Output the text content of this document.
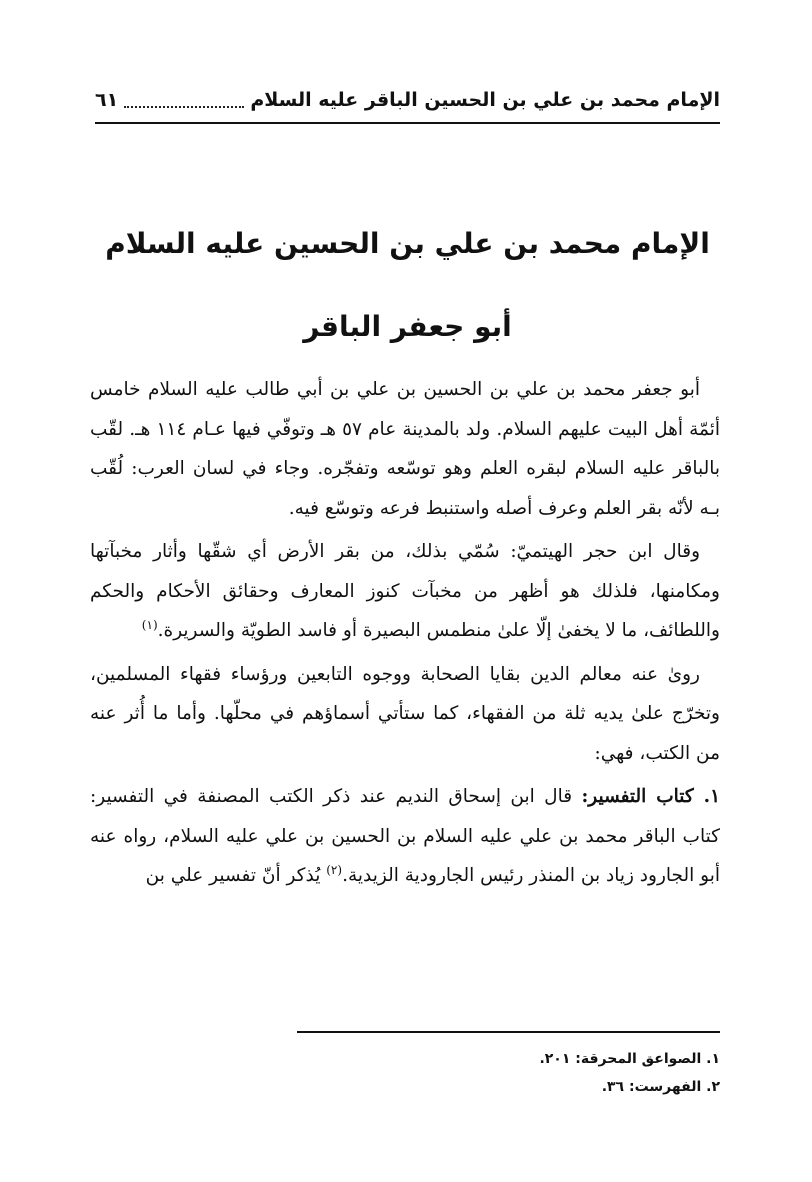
الإمام محمد بن علي بن الحسين الباقر عليه السلام
٦١
الإمام محمد بن علي بن الحسين عليه السلام
أبو جعفر الباقر

أبو جعفر محمد بن علي بن الحسين بن علي بن أبي طالب عليه السلام خامس أئمّة أهل البيت عليهم السلام. ولد بالمدينة عام ٥٧ هـ وتوفّي فيها عـام ١١٤ هـ. لقّب بالباقر عليه السلام لبقره العلم وهو توسّعه وتفجّره. وجاء في لسان العرب: لُقّب بـه لأنّه بقر العلم وعرف أصله واستنبط فرعه وتوسّع فيه.

وقال ابن حجر الهيتميّ: سُمّي بذلك، من بقر الأرض أي شقّها وأثار مخبآتها ومكامنها، فلذلك هو أظهر من مخبآت كنوز المعارف وحقائق الأحكام والحكم واللطائف، ما لا يخفىٰ إلّا علىٰ منطمس البصيرة أو فاسد الطويّة والسريرة.$^{(١)}$

رویٰ عنه معالم الدين بقايا الصحابة ووجوه التابعين ورؤساء فقهاء المسلمين، وتخرّج علىٰ يديه ثلة من الفقهاء، كما ستأتي أسماؤهم في محلّها. وأما ما أُثر عنه من الكتب، فهي:

١. كتاب التفسير: قال ابن إسحاق النديم عند ذكر الكتب المصنفة في التفسير: كتاب الباقر محمد بن علي عليه السلام بن الحسين بن علي عليه السلام، رواه عنه أبو الجارود زياد بن المنذر رئيس الجارودية الزيدية.$^{(٢)}$ يُذكر أنّ تفسير علي بن

١. الصواعق المحرقة: ٢٠١.
٢. الفهرست: ٣٦.
